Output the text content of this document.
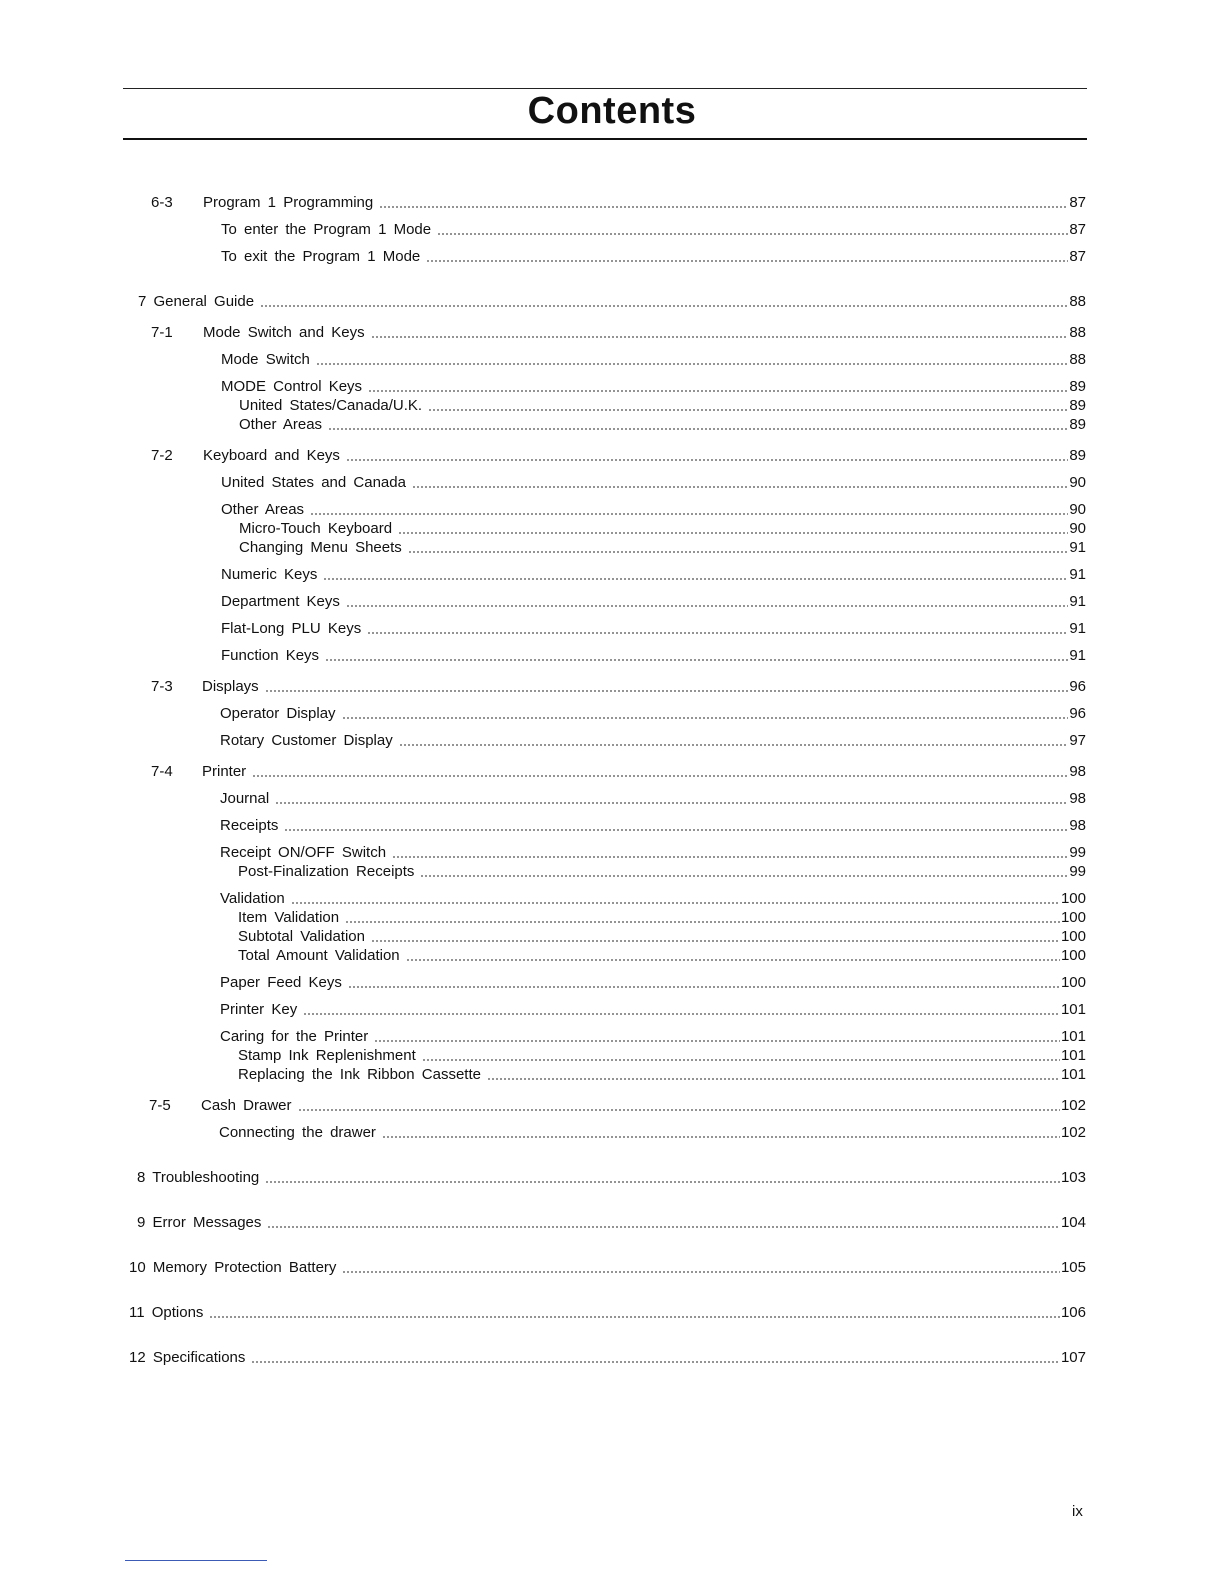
Contents
6-3 Program 1 Programming	87
To enter the Program 1 Mode	87
To exit the Program 1 Mode	87
7 General Guide	88
7-1 Mode Switch and Keys	88
Mode Switch	88
MODE Control Keys	89
United States/Canada/U.K.	89
Other Areas	89
7-2 Keyboard and Keys	89
United States and Canada	90
Other Areas	90
Micro-Touch Keyboard	90
Changing Menu Sheets	91
Numeric Keys	91
Department Keys	91
Flat-Long PLU Keys	91
Function Keys	91
7-3 Displays	96
Operator Display	96
Rotary Customer Display	97
7-4 Printer	98
Journal	98
Receipts	98
Receipt ON/OFF Switch	99
Post-Finalization Receipts	99
Validation	100
Item Validation	100
Subtotal Validation	100
Total Amount Validation	100
Paper Feed Keys	100
Printer Key	101
Caring for the Printer	101
Stamp Ink Replenishment	101
Replacing the Ink Ribbon Cassette	101
7-5 Cash Drawer	102
Connecting the drawer	102
8 Troubleshooting	103
9 Error Messages	104
10 Memory Protection Battery	105
11 Options	106
12 Specifications	107
ix
